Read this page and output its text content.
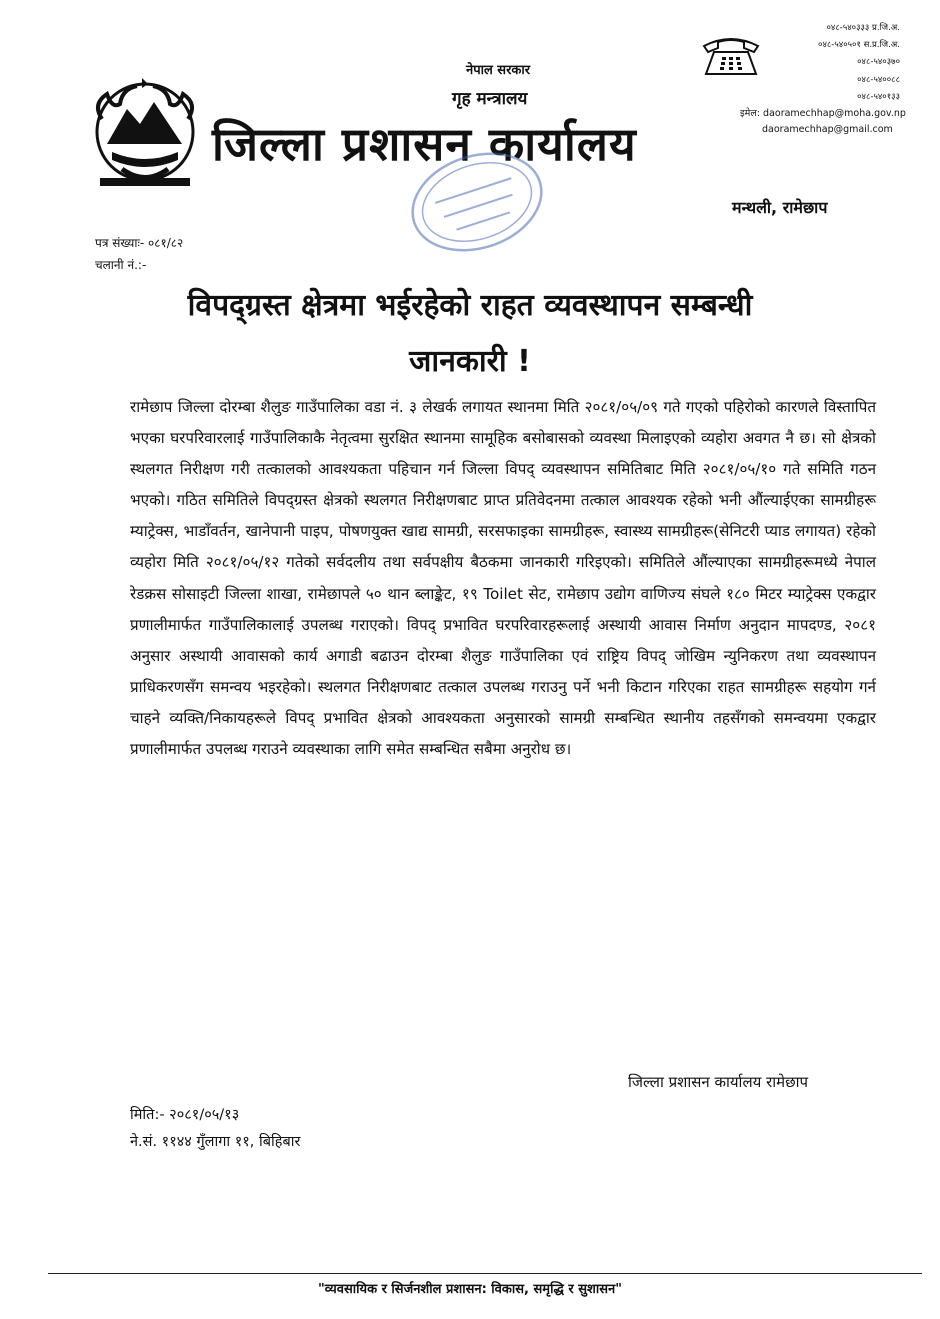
नेपाल सरकार
गृह मन्त्रालय
जिल्ला प्रशासन कार्यालय
मन्थली, रामेछाप
०४८-५४०३३३ प्र.जि.अ.
०४८-५४०५०१ स.प्र.जि.अ.
०४८-५४०३७०
०४८-५४००८८
०४८-५४०१३३
इमेल: daoramechhap@moha.gov.np
daoramechhap@gmail.com
पत्र संख्याः- ०८१/८२
चलानी नं.:-
विपद्ग्रस्त क्षेत्रमा भईरहेको राहत व्यवस्थापन सम्बन्धी
जानकारी !

रामेछाप जिल्ला दोरम्बा शैलुङ गाउँपालिका वडा नं. ३ लेखर्क लगायत स्थानमा मिति २०८१/०५/०९ गते गएको पहिरोको कारणले विस्तापित भएका घरपरिवारलाई गाउँपालिकाकै नेतृत्वमा सुरक्षित स्थानमा सामूहिक बसोबासको व्यवस्था मिलाइएको व्यहोरा अवगत नै छ। सो क्षेत्रको स्थलगत निरीक्षण गरी तत्कालको आवश्यकता पहिचान गर्न जिल्ला विपद् व्यवस्थापन समितिबाट मिति २०८१/०५/१० गते समिति गठन भएको। गठित समितिले विपद्ग्रस्त क्षेत्रको स्थलगत निरीक्षणबाट प्राप्त प्रतिवेदनमा तत्काल आवश्यक रहेको भनी औंल्याईएका सामग्रीहरू म्याट्रेक्स, भाडाँवर्तन, खानेपानी पाइप, पोषणयुक्त खाद्य सामग्री, सरसफाइका सामग्रीहरू, स्वास्थ्य सामग्रीहरू(सेनिटरी प्याड लगायत) रहेको व्यहोरा मिति २०८१/०५/१२ गतेको सर्वदलीय तथा सर्वपक्षीय बैठकमा जानकारी गरिइएको। समितिले औंल्याएका सामग्रीहरूमध्ये नेपाल रेडक्रस सोसाइटी जिल्ला शाखा, रामेछापले ५० थान ब्लाङ्केट, १९ Toilet सेट, रामेछाप उद्योग वाणिज्य संघले १८० मिटर म्याट्रेक्स एकद्वार प्रणालीमार्फत गाउँपालिकालाई उपलब्ध गराएको। विपद् प्रभावित घरपरिवारहरूलाई अस्थायी आवास निर्माण अनुदान मापदण्ड, २०८१ अनुसार अस्थायी आवासको कार्य अगाडी बढाउन दोरम्बा शैलुङ गाउँपालिका एवं राष्ट्रिय विपद् जोखिम न्युनिकरण तथा व्यवस्थापन प्राधिकरणसँग समन्वय भइरहेको। स्थलगत निरीक्षणबाट तत्काल उपलब्ध गराउनु पर्ने भनी किटान गरिएका राहत सामग्रीहरू सहयोग गर्न चाहने व्यक्ति/निकायहरूले विपद् प्रभावित क्षेत्रको आवश्यकता अनुसारको सामग्री सम्बन्धित स्थानीय तहसँगको समन्वयमा एकद्वार प्रणालीमार्फत उपलब्ध गराउने व्यवस्थाका लागि समेत सम्बन्धित सबैमा अनुरोध छ।

जिल्ला प्रशासन कार्यालय रामेछाप
मिति:- २०८१/०५/१३
ने.सं. ११४४ गुँलागा ११, बिहिबार
"व्यवसायिक र सिर्जनशील प्रशासन: विकास, समृद्धि र सुशासन"
